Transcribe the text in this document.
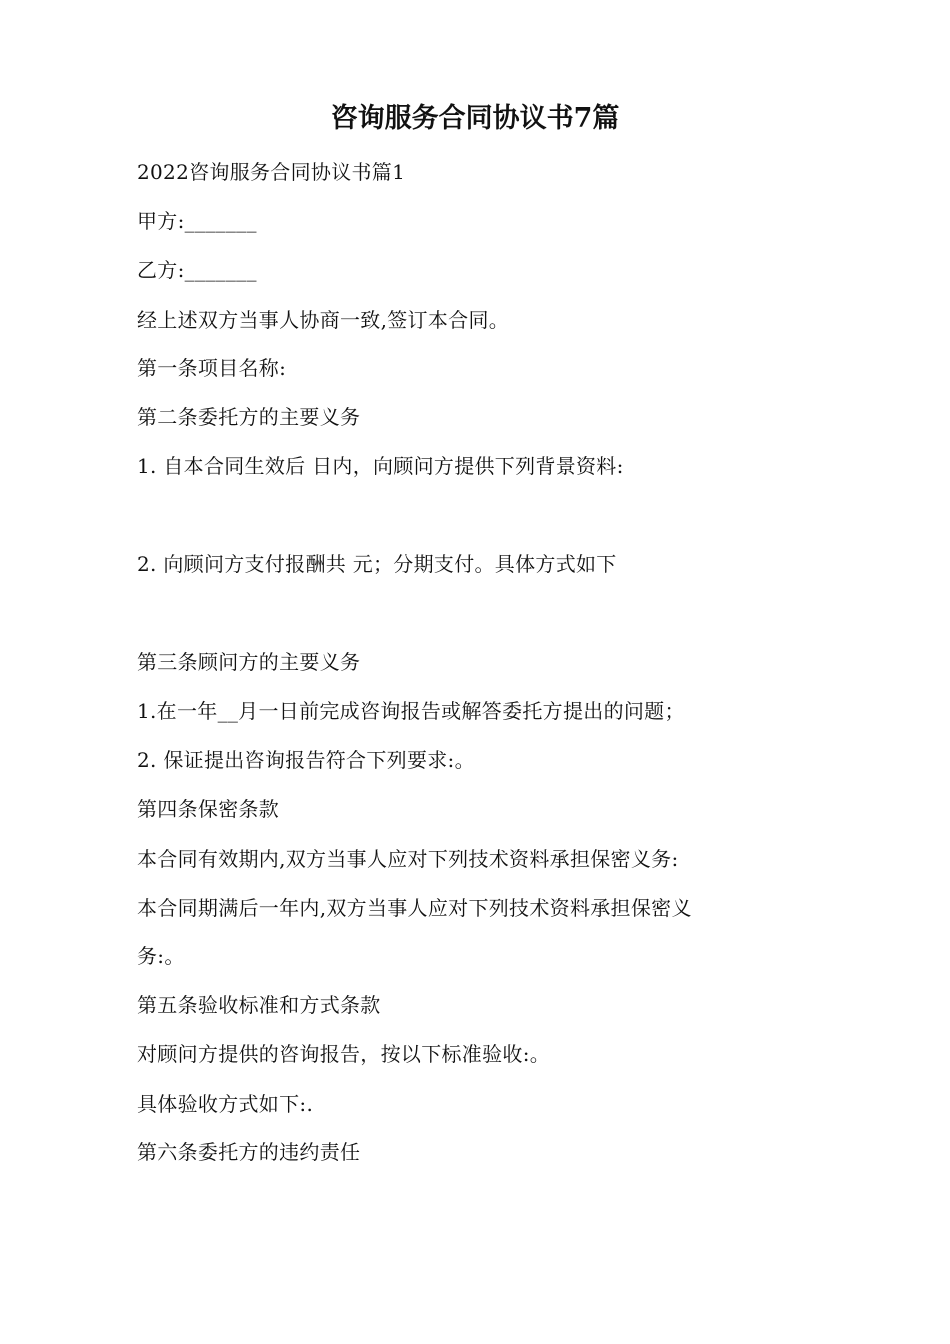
咨询服务合同协议书7篇
2022咨询服务合同协议书篇1
甲方:_______
乙方:_______
经上述双方当事人协商一致,签订本合同。
第一条项目名称:
第二条委托方的主要义务
1. 自本合同生效后 日内，向顾问方提供下列背景资料:
2. 向顾问方支付报酬共 元；分期支付。具体方式如下
第三条顾问方的主要义务
1.在一年__月一日前完成咨询报告或解答委托方提出的问题；
2. 保证提出咨询报告符合下列要求:。
第四条保密条款
本合同有效期内,双方当事人应对下列技术资料承担保密义务:
本合同期满后一年内,双方当事人应对下列技术资料承担保密义
务:。
第五条验收标准和方式条款
对顾问方提供的咨询报告，按以下标准验收:。
具体验收方式如下:.
第六条委托方的违约责任
